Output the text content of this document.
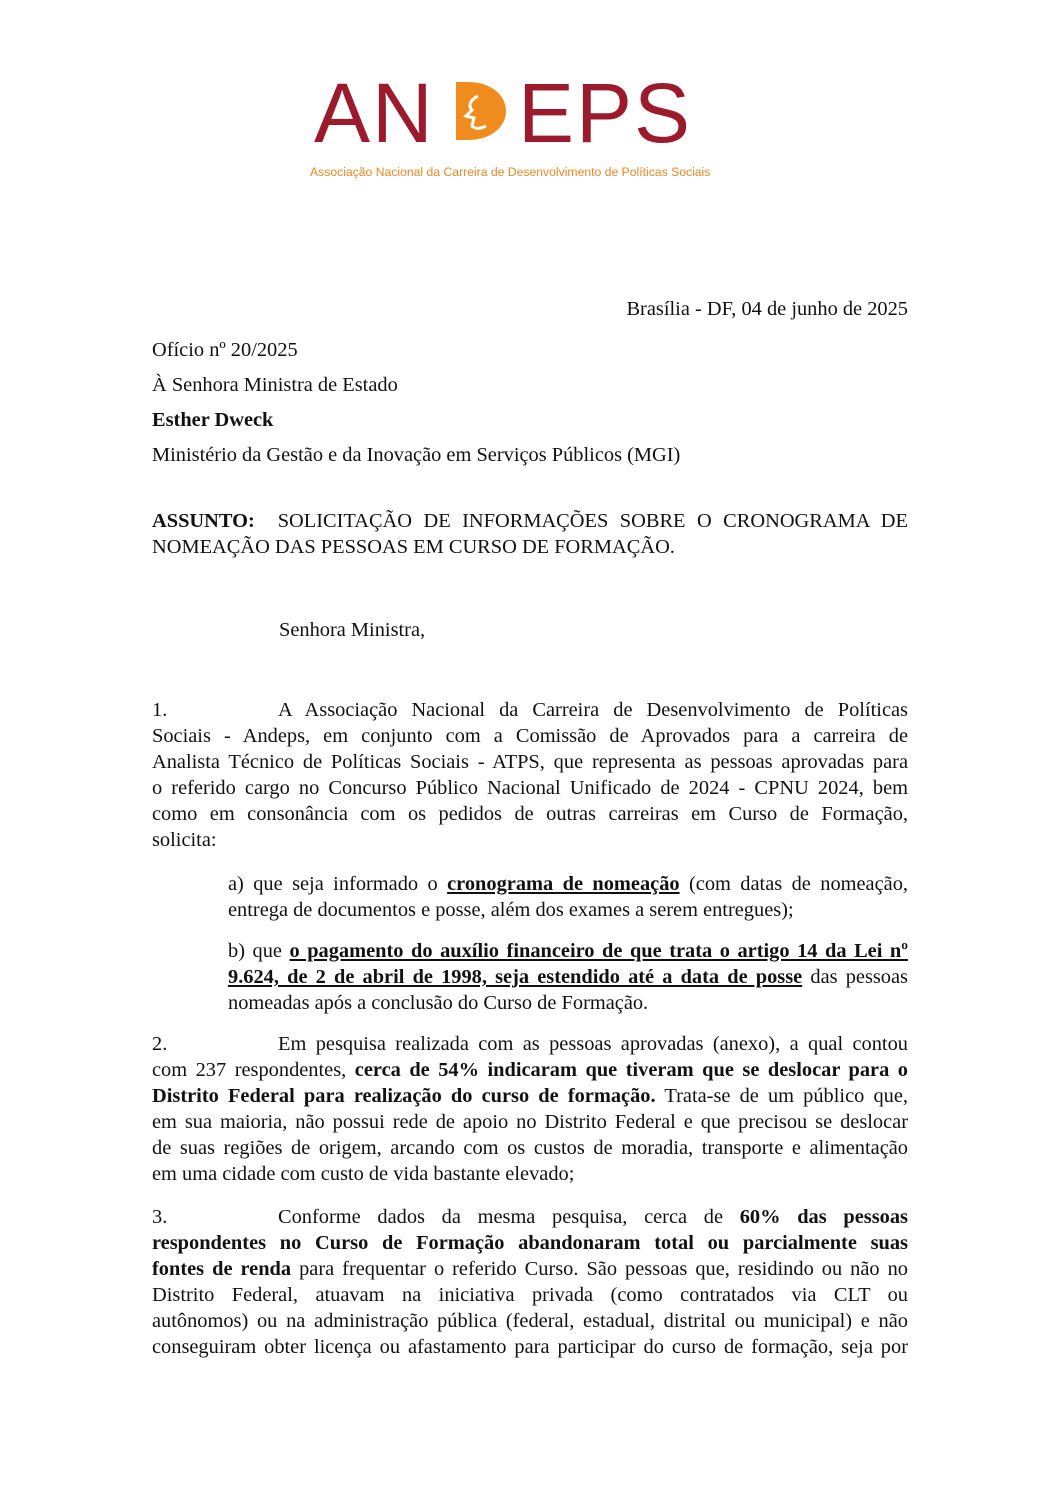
AN EPS
Associação Nacional da Carreira de Desenvolvimento de Políticas Sociais

Brasília - DF, 04 de junho de 2025

Ofício nº 20/2025

À Senhora Ministra de Estado

Esther Dweck

Ministério da Gestão e da Inovação em Serviços Públicos (MGI)

ASSUNTO: SOLICITAÇÃO DE INFORMAÇÕES SOBRE O CRONOGRAMA DE

NOMEAÇÃO DAS PESSOAS EM CURSO DE FORMAÇÃO.

Senhora Ministra,

1.	A Associação Nacional da Carreira de Desenvolvimento de Políticas

Sociais - Andeps, em conjunto com a Comissão de Aprovados para a carreira de

Analista Técnico de Políticas Sociais - ATPS, que representa as pessoas aprovadas para

o referido cargo no Concurso Público Nacional Unificado de 2024 - CPNU 2024, bem

como em consonância com os pedidos de outras carreiras em Curso de Formação,

solicita:

a) que seja informado o cronograma de nomeação (com datas de nomeação,

entrega de documentos e posse, além dos exames a serem entregues);

b) que o pagamento do auxílio financeiro de que trata o artigo 14 da Lei nº

9.624, de 2 de abril de 1998, seja estendido até a data de posse das pessoas

nomeadas após a conclusão do Curso de Formação.

2.	Em pesquisa realizada com as pessoas aprovadas (anexo), a qual contou

com 237 respondentes, cerca de 54% indicaram que tiveram que se deslocar para o

Distrito Federal para realização do curso de formação. Trata-se de um público que,

em sua maioria, não possui rede de apoio no Distrito Federal e que precisou se deslocar

de suas regiões de origem, arcando com os custos de moradia, transporte e alimentação

em uma cidade com custo de vida bastante elevado;

3.	Conforme dados da mesma pesquisa, cerca de 60% das pessoas

respondentes no Curso de Formação abandonaram total ou parcialmente suas

fontes de renda para frequentar o referido Curso. São pessoas que, residindo ou não no

Distrito Federal, atuavam na iniciativa privada (como contratados via CLT ou

autônomos) ou na administração pública (federal, estadual, distrital ou municipal) e não

conseguiram obter licença ou afastamento para participar do curso de formação, seja por
